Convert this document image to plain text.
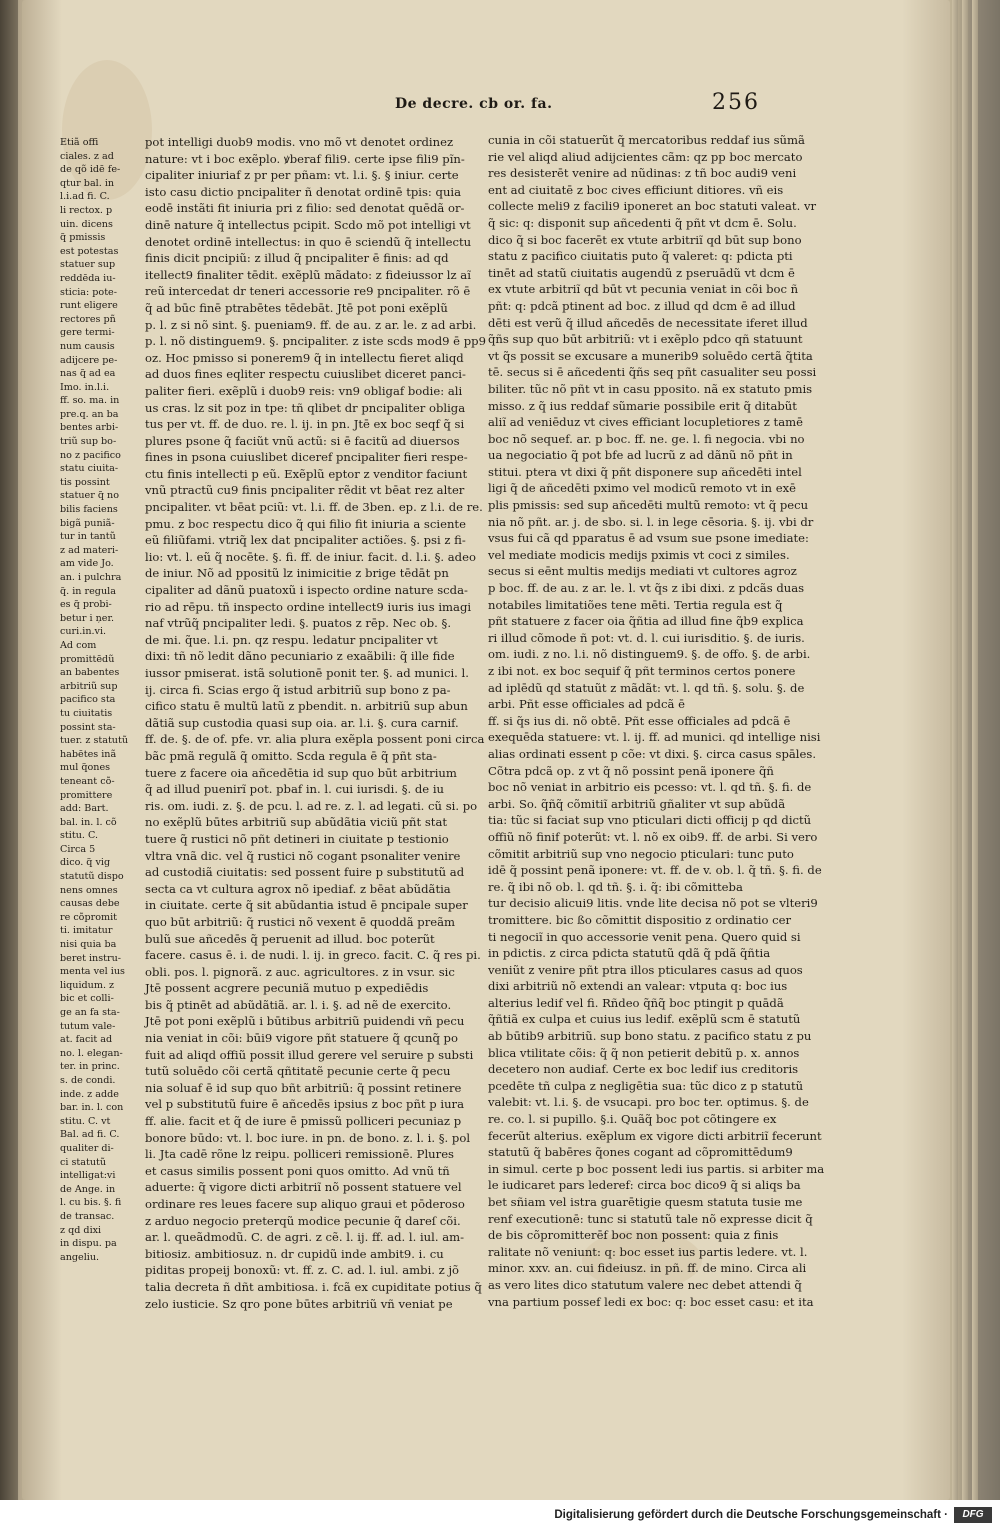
De decre. cb or. fa.	256
Etiã offi
ciales. z ad
de qõ idē fe-
qtur bal. in
l.i.ad fi. C.
li rectox. p
uin. dicens
q̃ pmissis
est potestas
statuer sup
reddēda iu-
sticia: pote-
runt eligere
rectores pñ
gere termi-
num causis
adijcere pe-
nas q̃ ad ea
Imo. in.l.i.
ff. so. ma. in
pre.q. an ba
bentes arbi-
triũ sup bo-
no z pacifico
statu ciuita-
tis possint
statuer q̃ no
bilis faciens
bigã puniã-
tur in tantũ
z ad materi-
am vide Jo.
an. i pulchra
q̃. in regula
es q̃ probi-
betur i ņer.
curi.in.vi.
Ad com
promittēdũ
an babentes
arbitriũ sup
pacifico sta
tu ciuitatis
possint sta-
tuer. z statutũ
habētes inã
mul q̃ones
teneant cõ-
promittere
add: Bart.
bal. in. l. cõ
stitu. C.
Circa 5
dico. q̃ vig
statutũ dispo
nens omnes
causas debe
re cõpromit
ti. imitatur
nisi quia ba
beret instru-
menta vel ius
liquidum. z
bic et colli-
ge an fa sta-
tutum vale-
at. facit ad
no. l. elegan-
ter. in princ.
s. de condi.
inde. z adde
bar. in. l. con
stitu. C. vt
Bal. ad fi. C.
qualiter di-
ci statutũ
intelligat:vi
de Ange. in
l. cu bis. §. fi
de transac.
z qd dixi
in dispu. pa
angeliu.
pot intelligi duob9 modis. vno mõ vt denotet ordinez
nature: vt i boc exẽplo. ꝟberaf fili9. certe ipse fili9 pĩn-
cipaliter iniuriaf z pr per pñam: vt. l.i. §. § iniur. certe
isto casu dictio pncipaliter ñ denotat ordinē tpis: quia
eodē instãti fit iniuria pri z filio: sed denotat quēdã or-
dinē nature q̃ intellectus pcipit. Scdo mõ pot intelligi vt
denotet ordinē intellectus: in quo ē sciendũ q̃ intellectu
finis dicit pncipiũ: z illud q̃ pncipaliter ē finis: ad qd
itellect9 finaliter tēdit. exẽplũ mãdato: z fideiussor lz aĩ
reũ intercedat dr teneri accessorie re9 pncipaliter. rõ ē
q̃ ad būc finē ptrabētes tēdebāt. Jtē pot poni exẽplũ
p. l. z si nõ sint. §. pueniam9. ff. de au. z ar. le. z ad arbi.
p. l. nõ distinguem9. §. pncipaliter. z iste scds mod9 ē pp9
oz. Hoc pmisso si ponerem9 q̃ in intellectu fieret aliqd
ad duos fines eqliter respectu cuiuslibet diceret panci-
paliter fieri. exẽplũ i duob9 reis: vn9 obligaf bodie: ali
us cras. lz sit poz in tpe: tñ qlibet dr pncipaliter obliga
tus per vt. ff. de duo. re. l. ij. in pn. Jtē ex boc seqf q̃ si
plures psone q̃ faciũt vnũ actũ: si ē facitũ ad diuersos
fines in psona cuiuslibet diceref pncipaliter fieri respe-
ctu finis intellecti p eũ. Exẽplũ eptor z venditor faciunt
vnũ ptractũ cu9 finis pncipaliter rẽdit vt bēat rez alter
pncipaliter. vt bēat pciũ: vt. l.i. ff. de 3ben. ep. z l.i. de re.
pmu. z boc respectu dico q̃ qui filio fit iniuria a sciente
eũ filiũfami. vtriq̃ lex dat pncipaliter actiões. §. psi z fi-
lio: vt. l. eũ q̃ nocēte. §. fi. ff. de iniur. facit. d. l.i. §. adeo
de iniur. Nõ ad ppositũ lz inimicitie z brige tēdāt pn
cipaliter ad dãnũ puatoxũ i ispecto ordine nature scda-
rio ad rēpu. tñ inspecto ordine intellect9 iuris ius imagi
naf vtrũq̃ pncipaliter ledi. §. puatos z rēp. Nec ob. §.
de mi. q̃ue. l.i. pn. qz respu. ledatur pncipaliter vt
dixi: tñ nõ ledit dãno pecuniario z exaãbili: q̃ ille fide
iussor pmiserat. istã solutionē ponit ter. §. ad munici. l.
ij. circa fi. Scias ergo q̃ istud arbitriũ sup bono z pa-
cifico statu ē multũ latũ z pbendit. n. arbitriũ sup abun
dãtiã sup custodia quasi sup oia. ar. l.i. §. cura carnif.
ff. de. §. de of. pfe. vr. alia plura exẽpla possent poni circa
bãc pmã regulã q̃ omitto. Scda regula ē q̃ pñt sta-
tuere z facere oia añcedētia id sup quo būt arbitrium
q̃ ad illud puenirĩ pot. pbaf in. l. cui iurisdi. §. de iu
ris. om. iudi. z. §. de pcu. l. ad re. z. l. ad legati. cũ si. po
no exẽplũ būtes arbitriũ sup abũdãtia viciũ pñt stat
tuere q̃ rustici nõ pñt detineri in ciuitate p testionio
vltra vnã dic. vel q̃ rustici nõ cogant psonaliter venire
ad custodiã ciuitatis: sed possent fuire p substitutũ ad
secta ca vt cultura agrox nõ ipediaf. z bēat abũdãtia
in ciuitate. certe q̃ sit abũdantia istud ē pncipale super
quo būt arbitriũ: q̃ rustici nõ vexent ē quoddã preãm
bulũ sue añcedēs q̃ peruenit ad illud. boc poterũt
facere. casus ē. i. de nudi. l. ij. in greco. facit. C. q̃ res pi.
obli. pos. l. pignorã. z auc. agricultores. z in vsur. sic
Jtē possent acgrere pecuniã mutuo p expediēdis
bis q̃ ptinēt ad abũdãtiã. ar. l. i. §. ad nẽ de exercito.
Jtē pot poni exẽplũ i būtibus arbitriũ puidendi vñ pecu
nia veniat in cõi: būi9 vigore pñt statuere q̃ qcunq̃ po
fuit ad aliqd offiũ possit illud gerere vel seruire p substi
tutũ soluēdo cõi certã qñtitatẽ pecunie certe q̃ pecu
nia soluaf ē id sup quo bñt arbitriũ: q̃ possint retinere
vel p substitutũ fuire ē añcedēs ipsius z boc pñt p iura
ff. alie. facit et q̃ de iure ē pmissũ polliceri pecuniaz p
bonore būdo: vt. l. boc iure. in pn. de bono. z. l. i. §. pol
li. Jta cadē rõne lz reipu. polliceri remissionē. Plures
et casus similis possent poni quos omitto. Ad vnũ tñ
aduerte: q̃ vigore dicti arbitriĩ nõ possent statuere vel
ordinare res leues facere sup aliquo graui et pōderoso
z arduo negocio preterqũ modice pecunie q̃ dareſ cõi.
ar. l. queãdmodũ. C. de agri. z cẽ. l. ij. ff. ad. l. iul. am-
bitiosiz. ambitiosuz. n. dr cupidũ inde ambit9. i. cu
piditas propeij bonoxũ: vt. ff. z. C. ad. l. iul. ambi. z jõ
talia decreta ñ dñt ambitiosa. i. fcã ex cupiditate potius q̃
zelo iusticie. Sz qro pone būtes arbitriũ vñ veniat pe
cunia in cõi statuerũt q̃ mercatoribus reddaf ius sũmã
rie vel aliqd aliud adijcientes cãm: qz pp boc mercato
res desisterēt venire ad nũdinas: z tñ boc audi9 veni
ent ad ciuitatē z boc cives efficiunt ditiores. vñ eis
collecte meli9 z facili9 iponeret an boc statuti valeat. vr
q̃ sic: q: disponit sup añcedenti q̃ pñt vt dcm ē. Solu.
dico q̃ si boc facerēt ex vtute arbitriĩ qd būt sup bono
statu z pacifico ciuitatis puto q̃ valeret: q: pdicta pti
tinēt ad statũ ciuitatis augendũ z pseruādũ vt dcm ē
ex vtute arbitriĩ qd būt vt pecunia veniat in cõi boc ñ
pñt: q: pdcã ptinent ad boc. z illud qd dcm ē ad illud
dēti est verũ q̃ illud añcedēs de necessitate iferet illud
q̃ñs sup quo būt arbitriũ: vt i exẽplo pdco qñ statuunt
vt q̃s possit se excusare a munerib9 soluēdo certã q̃tita
tē. secus si ē añcedenti q̃ñs seq pñt casualiter seu possi
biliter. tũc nõ pñt vt in casu pposito. nã ex statuto pmis
misso. z q̃ ius reddaf sũmarie possibile erit q̃ ditabũt
aliĩ ad veniēduz vt cives efficiant locupletiores z tamē
boc nõ sequef. ar. p boc. ff. ne. ge. l. fi negocia. vbi no
ua negociatio q̃ pot bfe ad lucrũ z ad dãnũ nõ pñt in
stitui. ptera vt dixi q̃ pñt disponere sup añcedēti intel
ligi q̃ de añcedēti pximo vel modicũ remoto vt in exē
plis pmissis: sed sup añcedēti multũ remoto: vt q̃ pecu
nia nõ pñt. ar. j. de sbo. si. l. in lege cēsoria. §. ij. vbi dr
vsus fui cã qd pparatus ē ad vsum sue psone imediate:
vel mediate modicis medijs pximis vt coci z similes.
secus si eēnt multis medijs mediati vt cultores agroz
p boc. ff. de au. z ar. le. l. vt q̃s z ibi dixi. z pdcãs duas
notabiles limitatiões tene mēti. Tertia regula est q̃
pñt statuere z facer oia q̃ñtia ad illud fine q̃b9 explica
ri illud cõmode ñ pot: vt. d. l. cui iurisditio. §. de iuris.
om. iudi. z no. l.i. nõ distinguem9. §. de offo. §. de arbi.
z ibi not. ex boc sequif q̃ pñt terminos certos ponere
ad iplēdũ qd statuũt z mãdãt: vt. l. qd tñ. §. solu. §. de
arbi. Pñt esse officiales ad pdcã ē
ff. si q̃s ius di. nõ obtē. Pñt esse officiales ad pdcã ē
exequēda statuere: vt. l. ij. ff. ad munici. qd intellige nisi
alias ordinati essent p cõe: vt dixi. §. circa casus spāles.
Cõtra pdcã op. z vt q̃ nõ possint penã iponere q̃ñ
boc nõ veniat in arbitrio eis pcesso: vt. l. qd tñ. §. fi. de
arbi. So. q̃ñq̃ cõmitiĩ arbitriũ gñaliter vt sup abũdã
tia: tũc si faciat sup vno pticulari dicti officij p qd dictũ
offiũ nõ finif poterũt: vt. l. nõ ex oib9. ff. de arbi. Si vero
cõmitit arbitriũ sup vno negocio pticulari: tunc puto
idē q̃ possint penã iponere: vt. ff. de v. ob. l. q̃ tñ. §. fi. de
re. q̃ ibi nõ ob. l. qd tñ. §. i. q̃: ibi cõmitteba
tur decisio alicui9 litis. vnde lite decisa nõ pot se vlteri9
tromittere. bic ßo cõmittit dispositio z ordinatio cer
ti negociĩ in quo accessorie venit pena. Quero quid si
in pdictis. z circa pdicta statutũ qdã q̃ pdã q̃ñtia
veniũt z venire pñt ptra illos pticulares casus ad quos
dixi arbitriũ nõ extendi an valear: vtputa q: boc ius
alterius ledif vel fi. Rñdeo q̃ñq̃ boc ptingit p quādã
q̃ñtiã ex culpa et cuius ius ledif. exẽplũ scm ē statutũ
ab būtib9 arbitriũ. sup bono statu. z pacifico statu z pu
blica vtilitate cõis: q̃ q̃ non petierit debitũ p. x. annos
decetero non audiaf. Certe ex boc ledif ius creditoris
pcedēte tñ culpa z negligētia sua: tũc dico z p statutũ
valebit: vt. l.i. §. de vsucapi. pro boc ter. optimus. §. de
re. co. l. si pupillo. §.i. Quãq̃ boc pot cõtingere ex
fecerũt alterius. exẽplum ex vigore dicti arbitriĩ fecerunt
statutũ q̃ babēres q̃ones cogant ad cõpromittēdum9
in simul. certe p boc possent ledi ius partis. si arbiter ma
le iudicaret pars lederef: circa boc dico9 q̃ si aliqs ba
bet sñiam vel istra guarētigie quesm statuta tusie me
renf executionē: tunc si statutũ tale nõ expresse dicit q̃
de bis cõpromitterēf boc non possent: quia z finis
ralitate nõ veniunt: q: boc esset ius partis ledere. vt. l.
minor. xxv. an. cui fideiusz. in pñ. ff. de mino. Circa ali
as vero lites dico statutum valere nec debet attendi q̃
vna partium possef ledi ex boc: q: boc esset casu: et ita
Digitalisierung gefördert durch die Deutsche Forschungsgemeinschaft ·	DFG
